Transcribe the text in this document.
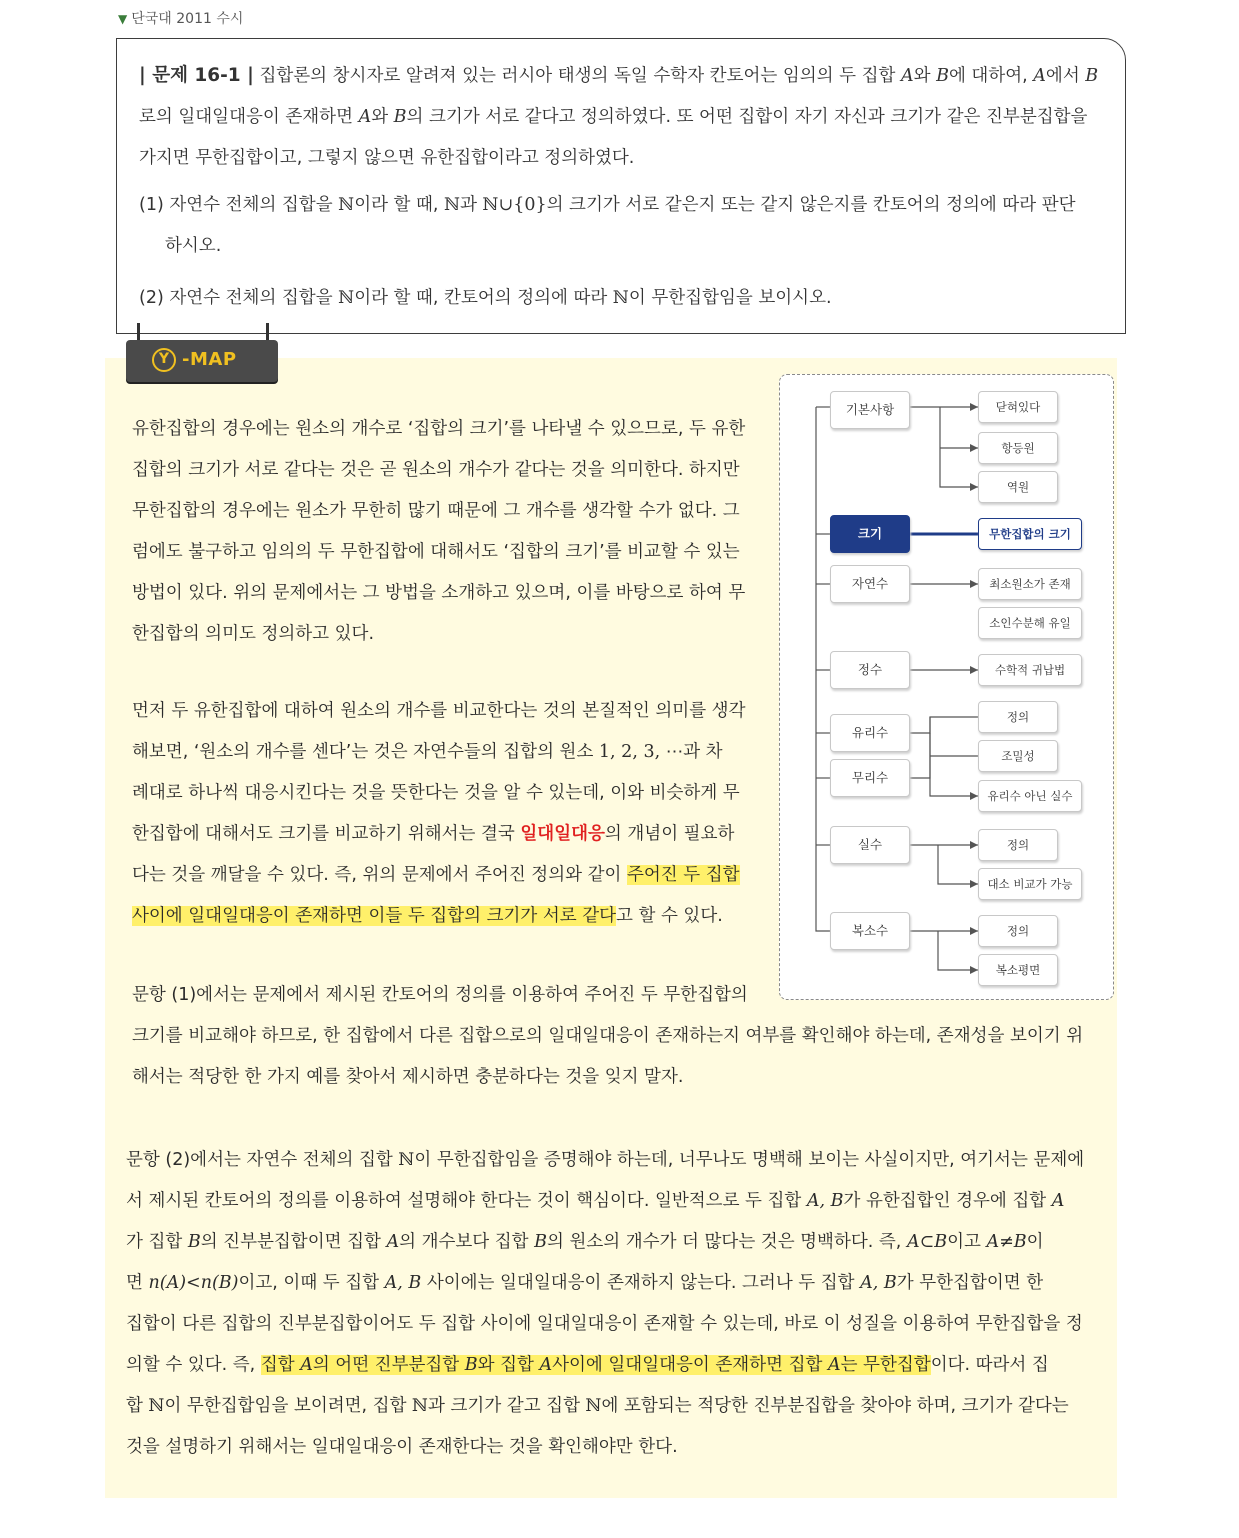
▼ 단국대 2011 수시

| 문제 16-1 | 집합론의 창시자로 알려져 있는 러시아 태생의 독일 수학자 칸토어는 임의의 두 집합 A와 B에 대하여, A에서 B로의 일대일대응이 존재하면 A와 B의 크기가 서로 같다고 정의하였다. 또 어떤 집합이 자기 자신과 크기가 같은 진부분집합을 가지면 무한집합이고, 그렇지 않으면 유한집합이라고 정의하였다.

(1) 자연수 전체의 집합을 ℕ이라 할 때, ℕ과 ℕ∪{0}의 크기가 서로 같은지 또는 같지 않은지를 칸토어의 정의에 따라 판단
하시오.

(2) 자연수 전체의 집합을 ℕ이라 할 때, 칸토어의 정의에 따라 ℕ이 무한집합임을 보이시오.

Y -MAP

유한집합의 경우에는 원소의 개수로 ‘집합의 크기’를 나타낼 수 있으므로, 두 유한
집합의 크기가 서로 같다는 것은 곧 원소의 개수가 같다는 것을 의미한다. 하지만
무한집합의 경우에는 원소가 무한히 많기 때문에 그 개수를 생각할 수가 없다. 그
럼에도 불구하고 임의의 두 무한집합에 대해서도 ‘집합의 크기’를 비교할 수 있는
방법이 있다. 위의 문제에서는 그 방법을 소개하고 있으며, 이를 바탕으로 하여 무
한집합의 의미도 정의하고 있다.

먼저 두 유한집합에 대하여 원소의 개수를 비교한다는 것의 본질적인 의미를 생각
해보면, ‘원소의 개수를 센다’는 것은 자연수들의 집합의 원소 1, 2, 3, ⋯과 차
례대로 하나씩 대응시킨다는 것을 뜻한다는 것을 알 수 있는데, 이와 비슷하게 무
한집합에 대해서도 크기를 비교하기 위해서는 결국 일대일대응의 개념이 필요하
다는 것을 깨달을 수 있다. 즉, 위의 문제에서 주어진 정의와 같이 주어진 두 집합
사이에 일대일대응이 존재하면 이들 두 집합의 크기가 서로 같다고 할 수 있다.

문항 (1)에서는 문제에서 제시된 칸토어의 정의를 이용하여 주어진 두 무한집합의
크기를 비교해야 하므로, 한 집합에서 다른 집합으로의 일대일대응이 존재하는지 여부를 확인해야 하는데, 존재성을 보이기 위
해서는 적당한 한 가지 예를 찾아서 제시하면 충분하다는 것을 잊지 말자.

문항 (2)에서는 자연수 전체의 집합 ℕ이 무한집합임을 증명해야 하는데, 너무나도 명백해 보이는 사실이지만, 여기서는 문제에
서 제시된 칸토어의 정의를 이용하여 설명해야 한다는 것이 핵심이다. 일반적으로 두 집합 A, B가 유한집합인 경우에 집합 A
가 집합 B의 진부분집합이면 집합 A의 개수보다 집합 B의 원소의 개수가 더 많다는 것은 명백하다. 즉, A⊂B이고 A≠B이
면 n(A)<n(B)이고, 이때 두 집합 A, B 사이에는 일대일대응이 존재하지 않는다. 그러나 두 집합 A, B가 무한집합이면 한
집합이 다른 집합의 진부분집합이어도 두 집합 사이에 일대일대응이 존재할 수 있는데, 바로 이 성질을 이용하여 무한집합을 정
의할 수 있다. 즉, 집합 A의 어떤 진부분집합 B와 집합 A사이에 일대일대응이 존재하면 집합 A는 무한집합이다. 따라서 집
합 ℕ이 무한집합임을 보이려면, 집합 ℕ과 크기가 같고 집합 ℕ에 포함되는 적당한 진부분집합을 찾아야 하며, 크기가 같다는
것을 설명하기 위해서는 일대일대응이 존재한다는 것을 확인해야만 한다.

기본사항
크기
자연수
정수
유리수
무리수
실수
복소수
닫혀있다
항등원
역원
무한집합의 크기
최소원소가 존재
소인수분해 유일
수학적 귀납법
정의
조밀성
유리수 아닌 실수
정의
대소 비교가 가능
정의
복소평면
